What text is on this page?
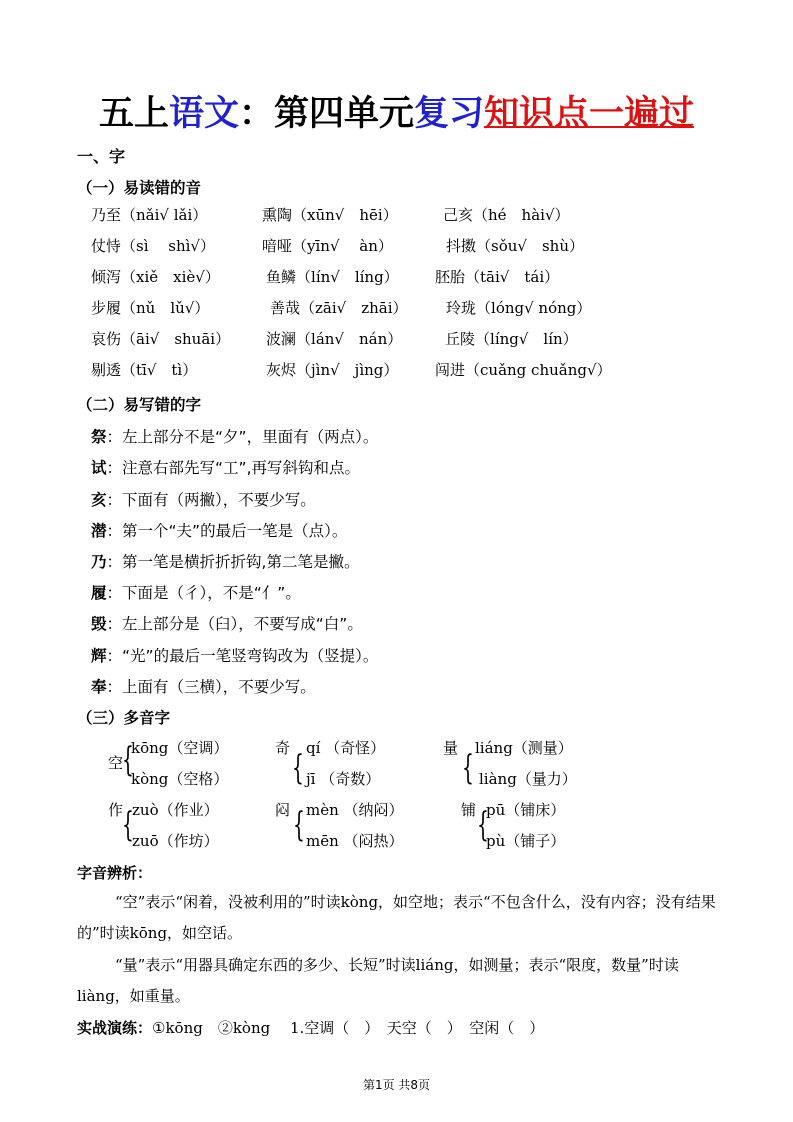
五上语文：第四单元复习知识点一遍过
一、字
（一）易读错的音
乃至（nǎi√ lǎi）	熏陶（xūn√　hēi）	己亥（hé　hài√）
仗恃（sì　 shì√）	喑哑（yīn√　 àn）	抖擞（sǒu√　shù）
倾泻（xiě　xiè√）	鱼鳞（lín√　líng） 胚胎（tāi√　tái）
步履（nǔ　lǔ√）	善哉（zāi√　zhāi）	玲珑（lóng√ nóng）
哀伤（āi√　shuāi） 波澜（lán√　nán）	丘陵（líng√　lín）
剔透（tī√　tì）	灰烬（jìn√　jìng） 闯进（cuǎng chuǎng√）
（二）易写错的字
祭：左上部分不是“夕”，里面有（两点）。
试：注意右部先写“工”,再写斜钩和点。
亥：下面有（两撇），不要少写。
潜：第一个“夫”的最后一笔是（点）。
乃：第一笔是横折折折钩,第二笔是撇。
履：下面是（彳），不是“亻”。
毁：左上部分是（臼），不要写成“白”。
辉：“光”的最后一笔竖弯钩改为（竖提）。
奉：上面有（三横），不要少写。
（三）多音字
空
{
kōng（空调）
kòng（空格）
奇 { qí （奇怪）
jī （奇数）
量 { liáng（测量）
liàng（量力）
作
{
zuò（作业）
zuō（作坊）
闷 { mèn （纳闷）
mēn （闷热）
铺 {
pū（铺床）
pù（铺子）
字音辨析：
“空”表示“闲着，没被利用的”时读kòng，如空地；表示“不包含什么，没有内容；没有结果的”时读kōng，如空话。
“量”表示“用器具确定东西的多少、长短”时读liáng，如测量；表示“限度，数量”时读liàng，如重量。
实战演练：①kōng　②kòng　 1.空调（　）　天空（　）　空闲（　）
第1页 共8页
